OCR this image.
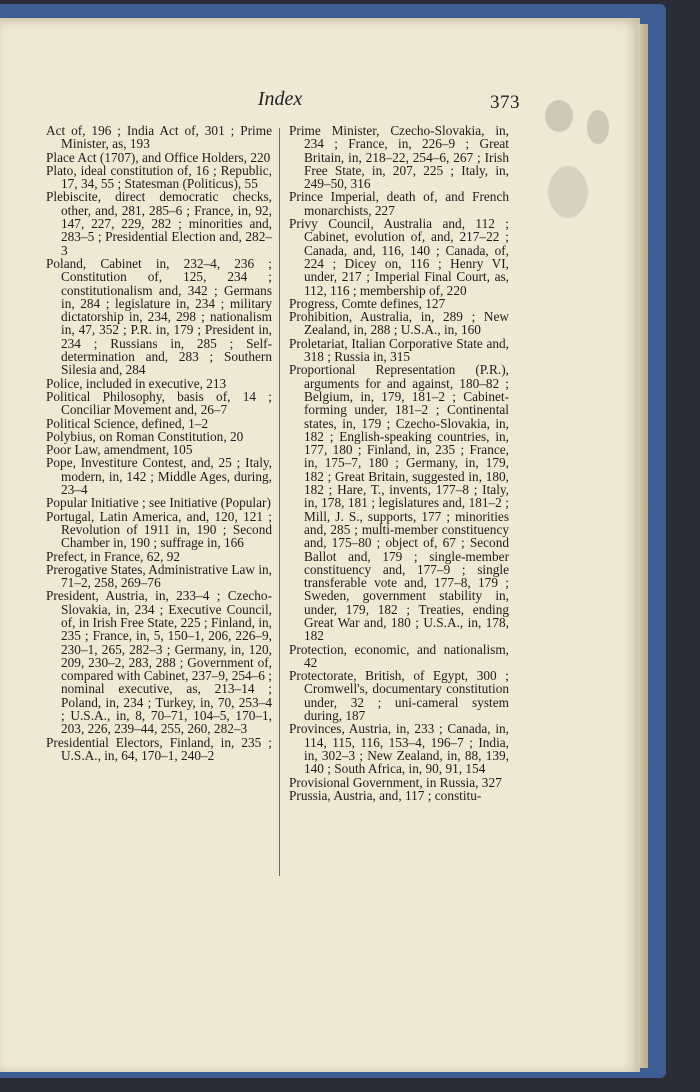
Index	373

Act of, 196 ; India Act of, 301 ; Prime Minister, as, 193

Place Act (1707), and Office Holders, 220

Plato, ideal constitution of, 16 ; Republic, 17, 34, 55 ; Statesman (Politicus), 55

Plebiscite, direct democratic checks, other, and, 281, 285–6 ; France, in, 92, 147, 227, 229, 282 ; minorities and, 283–5 ; Presidential Election and, 282–3

Poland, Cabinet in, 232–4, 236 ; Constitution of, 125, 234 ; constitutionalism and, 342 ; Germans in, 284 ; legislature in, 234 ; military dictatorship in, 234, 298 ; nationalism in, 47, 352 ; P.R. in, 179 ; President in, 234 ; Russians in, 285 ; Self-determination and, 283 ; Southern Silesia and, 284

Police, included in executive, 213

Political Philosophy, basis of, 14 ; Conciliar Movement and, 26–7

Political Science, defined, 1–2

Polybius, on Roman Constitution, 20

Poor Law, amendment, 105

Pope, Investiture Contest, and, 25 ; Italy, modern, in, 142 ; Middle Ages, during, 23–4

Popular Initiative ; see Initiative (Popular)

Portugal, Latin America, and, 120, 121 ; Revolution of 1911 in, 190 ; Second Chamber in, 190 ; suffrage in, 166

Prefect, in France, 62, 92

Prerogative States, Administrative Law in, 71–2, 258, 269–76

President, Austria, in, 233–4 ; Czecho-Slovakia, in, 234 ; Executive Council, of, in Irish Free State, 225 ; Finland, in, 235 ; France, in, 5, 150–1, 206, 226–9, 230–1, 265, 282–3 ; Germany, in, 120, 209, 230–2, 283, 288 ; Government of, compared with Cabinet, 237–9, 254–6 ; nominal executive, as, 213–14 ; Poland, in, 234 ; Turkey, in, 70, 253–4 ; U.S.A., in, 8, 70–71, 104–5, 170–1, 203, 226, 239–44, 255, 260, 282–3

Presidential Electors, Finland, in, 235 ; U.S.A., in, 64, 170–1, 240–2

Prime Minister, Czecho-Slovakia, in, 234 ; France, in, 226–9 ; Great Britain, in, 218–22, 254–6, 267 ; Irish Free State, in, 207, 225 ; Italy, in, 249–50, 316

Prince Imperial, death of, and French monarchists, 227

Privy Council, Australia and, 112 ; Cabinet, evolution of, and, 217–22 ; Canada, and, 116, 140 ; Canada, of, 224 ; Dicey on, 116 ; Henry VI, under, 217 ; Imperial Final Court, as, 112, 116 ; membership of, 220

Progress, Comte defines, 127

Prohibition, Australia, in, 289 ; New Zealand, in, 288 ; U.S.A., in, 160

Proletariat, Italian Corporative State and, 318 ; Russia in, 315

Proportional Representation (P.R.), arguments for and against, 180–82 ; Belgium, in, 179, 181–2 ; Cabinet-forming under, 181–2 ; Continental states, in, 179 ; Czecho-Slovakia, in, 182 ; English-speaking countries, in, 177, 180 ; Finland, in, 235 ; France, in, 175–7, 180 ; Germany, in, 179, 182 ; Great Britain, suggested in, 180, 182 ; Hare, T., invents, 177–8 ; Italy, in, 178, 181 ; legislatures and, 181–2 ; Mill, J. S., supports, 177 ; minorities and, 285 ; multi-member constituency and, 175–80 ; object of, 67 ; Second Ballot and, 179 ; single-member constituency and, 177–9 ; single transferable vote and, 177–8, 179 ; Sweden, government stability in, under, 179, 182 ; Treaties, ending Great War and, 180 ; U.S.A., in, 178, 182

Protection, economic, and nationalism, 42

Protectorate, British, of Egypt, 300 ; Cromwell's, documentary constitution under, 32 ; uni-cameral system during, 187

Provinces, Austria, in, 233 ; Canada, in, 114, 115, 116, 153–4, 196–7 ; India, in, 302–3 ; New Zealand, in, 88, 139, 140 ; South Africa, in, 90, 91, 154

Provisional Government, in Russia, 327

Prussia, Austria, and, 117 ; constitu-
